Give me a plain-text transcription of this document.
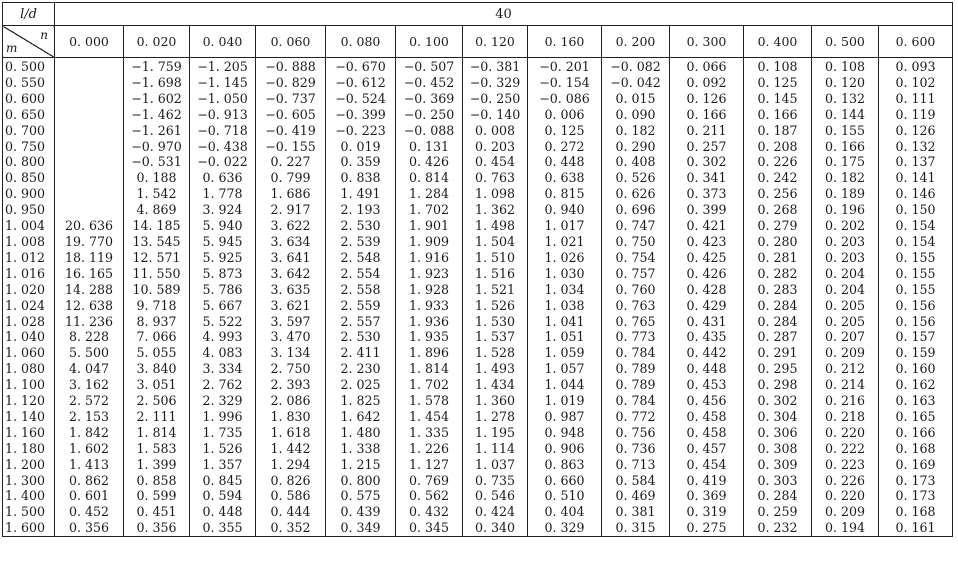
l/d	40												

n
m	0. 000	0. 020	0. 040	0. 060	0. 080	0. 100	0. 120	0. 160	0. 200	0. 300	0. 400	0. 500	0. 600
0. 500		−1. 759	−1. 205	−0. 888	−0. 670	−0. 507	−0. 381	−0. 201	−0. 082	0. 066	0. 108	0. 108	0. 093
0. 550		−1. 698	−1. 145	−0. 829	−0. 612	−0. 452	−0. 329	−0. 154	−0. 042	0. 092	0. 125	0. 120	0. 102
0. 600		−1. 602	−1. 050	−0. 737	−0. 524	−0. 369	−0. 250	−0. 086	0. 015	0. 126	0. 145	0. 132	0. 111
0. 650		−1. 462	−0. 913	−0. 605	−0. 399	−0. 250	−0. 140	0. 006	0. 090	0. 166	0. 166	0. 144	0. 119
0. 700		−1. 261	−0. 718	−0. 419	−0. 223	−0. 088	0. 008	0. 125	0. 182	0. 211	0. 187	0. 155	0. 126
0. 750		−0. 970	−0. 438	−0. 155	0. 019	0. 131	0. 203	0. 272	0. 290	0. 257	0. 208	0. 166	0. 132
0. 800		−0. 531	−0. 022	0. 227	0. 359	0. 426	0. 454	0. 448	0. 408	0. 302	0. 226	0. 175	0. 137
0. 850		0. 188	0. 636	0. 799	0. 838	0. 814	0. 763	0. 638	0. 526	0. 341	0. 242	0. 182	0. 141
0. 900		1. 542	1. 778	1. 686	1. 491	1. 284	1. 098	0. 815	0. 626	0. 373	0. 256	0. 189	0. 146
0. 950		4. 869	3. 924	2. 917	2. 193	1. 702	1. 362	0. 940	0. 696	0. 399	0. 268	0. 196	0. 150
1. 004	20. 636	14. 185	5. 940	3. 622	2. 530	1. 901	1. 498	1. 017	0. 747	0. 421	0. 279	0. 202	0. 154
1. 008	19. 770	13. 545	5. 945	3. 634	2. 539	1. 909	1. 504	1. 021	0. 750	0. 423	0. 280	0. 203	0. 154
1. 012	18. 119	12. 571	5. 925	3. 641	2. 548	1. 916	1. 510	1. 026	0. 754	0. 425	0. 281	0. 203	0. 155
1. 016	16. 165	11. 550	5. 873	3. 642	2. 554	1. 923	1. 516	1. 030	0. 757	0. 426	0. 282	0. 204	0. 155
1. 020	14. 288	10. 589	5. 786	3. 635	2. 558	1. 928	1. 521	1. 034	0. 760	0. 428	0. 283	0. 204	0. 155
1. 024	12. 638	9. 718	5. 667	3. 621	2. 559	1. 933	1. 526	1. 038	0. 763	0. 429	0. 284	0. 205	0. 156
1. 028	11. 236	8. 937	5. 522	3. 597	2. 557	1. 936	1. 530	1. 041	0. 765	0. 431	0. 284	0. 205	0. 156
1. 040	8. 228	7. 066	4. 993	3. 470	2. 530	1. 935	1. 537	1. 051	0. 773	0. 435	0. 287	0. 207	0. 157
1. 060	5. 500	5. 055	4. 083	3. 134	2. 411	1. 896	1. 528	1. 059	0. 784	0. 442	0. 291	0. 209	0. 159
1. 080	4. 047	3. 840	3. 334	2. 750	2. 230	1. 814	1. 493	1. 057	0. 789	0. 448	0. 295	0. 212	0. 160
1. 100	3. 162	3. 051	2. 762	2. 393	2. 025	1. 702	1. 434	1. 044	0. 789	0. 453	0. 298	0. 214	0. 162
1. 120	2. 572	2. 506	2. 329	2. 086	1. 825	1. 578	1. 360	1. 019	0. 784	0. 456	0. 302	0. 216	0. 163
1. 140	2. 153	2. 111	1. 996	1. 830	1. 642	1. 454	1. 278	0. 987	0. 772	0. 458	0. 304	0. 218	0. 165
1. 160	1. 842	1. 814	1. 735	1. 618	1. 480	1. 335	1. 195	0. 948	0. 756	0. 458	0. 306	0. 220	0. 166
1. 180	1. 602	1. 583	1. 526	1. 442	1. 338	1. 226	1. 114	0. 906	0. 736	0. 457	0. 308	0. 222	0. 168
1. 200	1. 413	1. 399	1. 357	1. 294	1. 215	1. 127	1. 037	0. 863	0. 713	0. 454	0. 309	0. 223	0. 169
1. 300	0. 862	0. 858	0. 845	0. 826	0. 800	0. 769	0. 735	0. 660	0. 584	0. 419	0. 303	0. 226	0. 173
1. 400	0. 601	0. 599	0. 594	0. 586	0. 575	0. 562	0. 546	0. 510	0. 469	0. 369	0. 284	0. 220	0. 173
1. 500	0. 452	0. 451	0. 448	0. 444	0. 439	0. 432	0. 424	0. 404	0. 381	0. 319	0. 259	0. 209	0. 168
1. 600	0. 356	0. 356	0. 355	0. 352	0. 349	0. 345	0. 340	0. 329	0. 315	0. 275	0. 232	0. 194	0. 161
